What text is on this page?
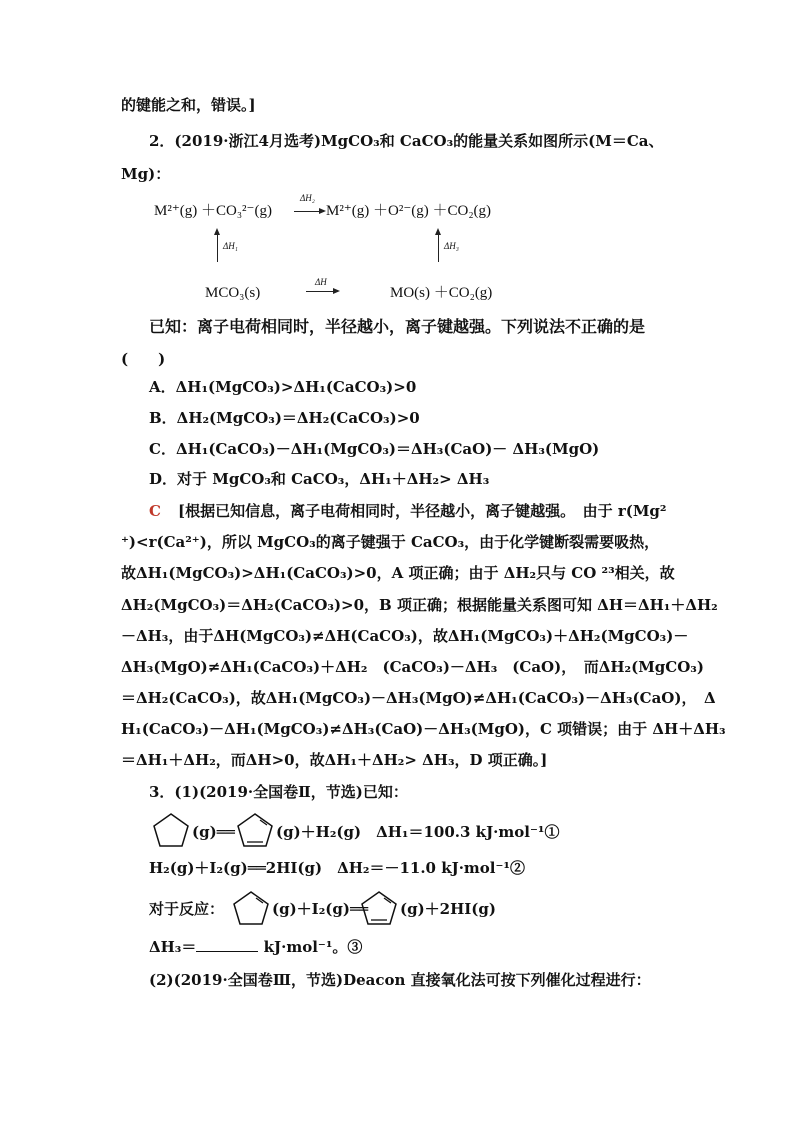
的键能之和，错误。]
2．(2019·浙江4月选考)MgCO₃和 CaCO₃的能量关系如图所示(M＝Ca、
Mg)：
M²⁺(g) ＋CO₃²⁻(g)
ΔH₂
M²⁺(g) ＋O²⁻(g) ＋CO₂(g)
ΔH₁	ΔH₃
MCO₃(s)
ΔH
MO(s) ＋CO₂(g)
已知：离子电荷相同时，半径越小，离子键越强。下列说法不正确的是
(　　)
A．ΔH₁(MgCO₃)>ΔH₁(CaCO₃)>0
B．ΔH₂(MgCO₃)＝ΔH₂(CaCO₃)>0
C．ΔH₁(CaCO₃)－ΔH₁(MgCO₃)＝ΔH₃(CaO)－ ΔH₃(MgO)
D．对于 MgCO₃和 CaCO₃，ΔH₁＋ΔH₂> ΔH₃
C [根据已知信息，离子电荷相同时，半径越小，离子键越强。　由于 r(Mg²
⁺)<r(Ca²⁺)，所以 MgCO₃的离子键强于 CaCO₃，由于化学键断裂需要吸热，
故ΔH₁(MgCO₃)>ΔH₁(CaCO₃)>0，A 项正确；由于 ΔH₂只与 CO ²³相关，故
ΔH₂(MgCO₃)＝ΔH₂(CaCO₃)>0，B 项正确；根据能量关系图可知 ΔH＝ΔH₁＋ΔH₂
－ΔH₃，由于ΔH(MgCO₃)≠ΔH(CaCO₃)，故ΔH₁(MgCO₃)＋ΔH₂(MgCO₃)－
ΔH₃(MgO)≠ΔH₁(CaCO₃)＋ΔH₂　(CaCO₃)－ΔH₃　(CaO)，　而ΔH₂(MgCO₃)
＝ΔH₂(CaCO₃)，故ΔH₁(MgCO₃)－ΔH₃(MgO)≠ΔH₁(CaCO₃)－ΔH₃(CaO)，　Δ
H₁(CaCO₃)－ΔH₁(MgCO₃)≠ΔH₃(CaO)－ΔH₃(MgO)，C 项错误；由于 ΔH＋ΔH₃
＝ΔH₁＋ΔH₂，而ΔH>0，故ΔH₁＋ΔH₂> ΔH₃，D 项正确。]
3．(1)(2019·全国卷Ⅱ，节选)已知：
(g)══	(g)＋H₂(g)　ΔH₁＝100.3 kJ·mol⁻¹①
H₂(g)＋I₂(g)══2HI(g)　ΔH₂＝－11.0 kJ·mol⁻¹②
对于反应：	(g)＋I₂(g)══ (g)＋2HI(g)
ΔH₃＝	kJ·mol⁻¹。③
(2)(2019·全国卷Ⅲ，节选)Deacon 直接氧化法可按下列催化过程进行：
